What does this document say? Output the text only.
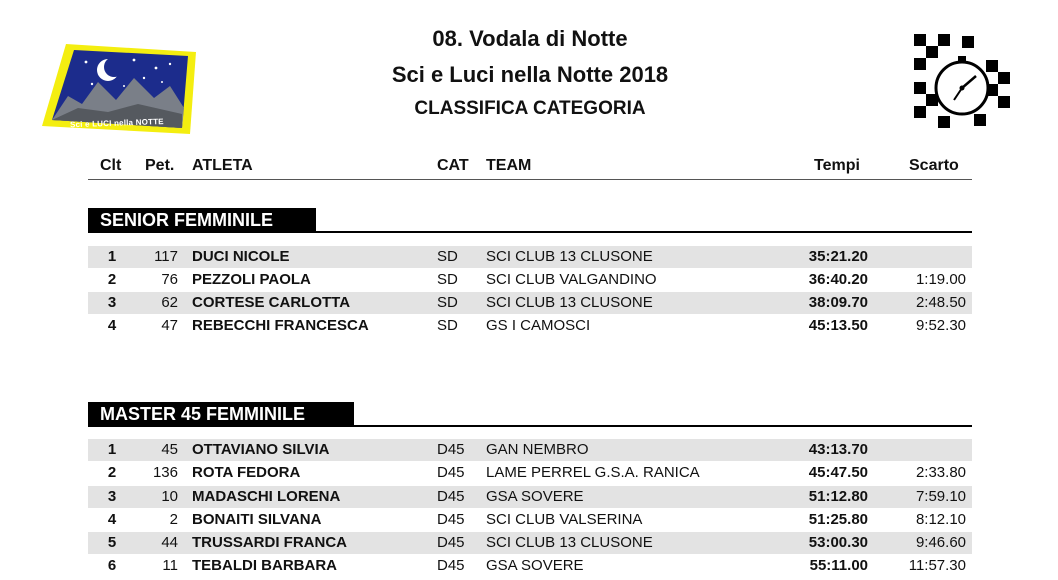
Sci e LUCI nella NOTTE
08. Vodala di Notte
Sci e Luci nella Notte 2018
CLASSIFICA CATEGORIA
Clt Pet. ATLETA	CAT TEAM	Tempi	Scarto
SENIOR FEMMINILE
1	117 DUCI NICOLE	SD SCI CLUB 13 CLUSONE	35:21.20
2	76 PEZZOLI PAOLA	SD SCI CLUB VALGANDINO	36:40.20	1:19.00
3	62 CORTESE CARLOTTA	SD SCI CLUB 13 CLUSONE	38:09.70	2:48.50
4	47 REBECCHI FRANCESCA	SD GS I CAMOSCI	45:13.50	9:52.30
MASTER 45 FEMMINILE
1	45 OTTAVIANO SILVIA	D45 GAN NEMBRO	43:13.70
2	136 ROTA FEDORA	D45 LAME PERREL G.S.A. RANICA	45:47.50	2:33.80
3	10 MADASCHI LORENA	D45 GSA SOVERE	51:12.80	7:59.10
4	2 BONAITI SILVANA	D45 SCI CLUB VALSERINA	51:25.80	8:12.10
5	44 TRUSSARDI FRANCA	D45 SCI CLUB 13 CLUSONE	53:00.30	9:46.60
6	11 TEBALDI BARBARA	D45 GSA SOVERE	55:11.00	11:57.30
